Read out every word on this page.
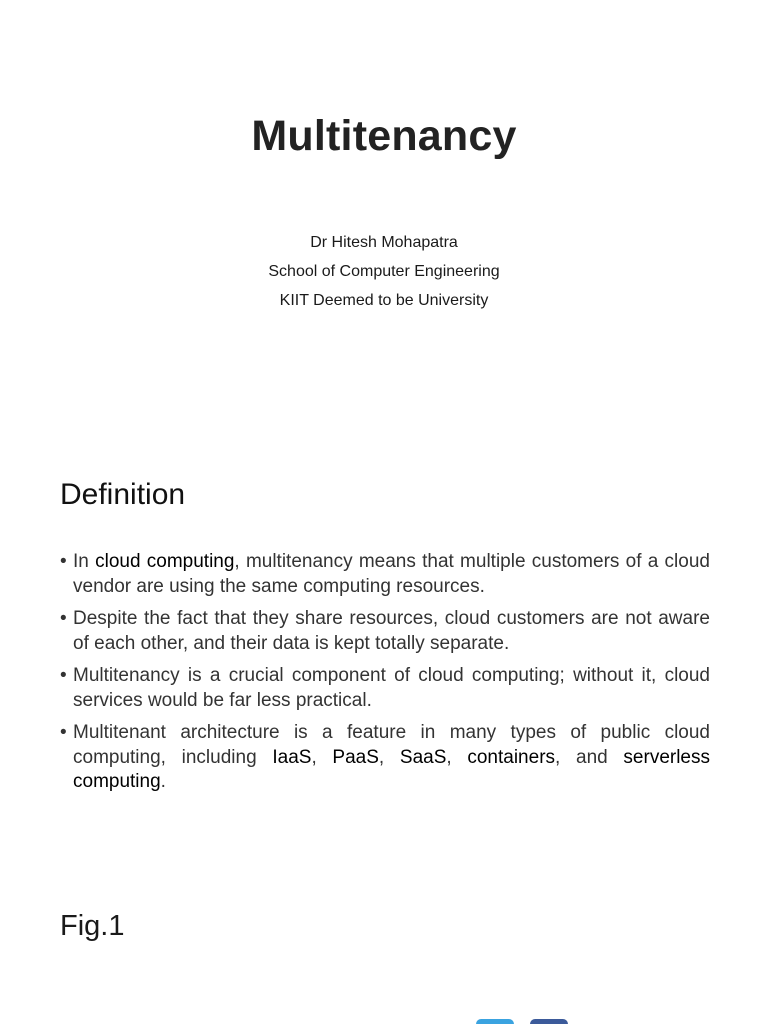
Multitenancy
Dr Hitesh Mohapatra
School of Computer Engineering
KIIT Deemed to be University
Definition
• In cloud computing, multitenancy means that multiple customers of a cloud vendor are using the same computing resources.
• Despite the fact that they share resources, cloud customers are not aware of each other, and their data is kept totally separate.
• Multitenancy is a crucial component of cloud computing; without it, cloud services would be far less practical.
• Multitenant architecture is a feature in many types of public cloud computing, including IaaS, PaaS, SaaS, containers, and serverless computing.
Fig.1
